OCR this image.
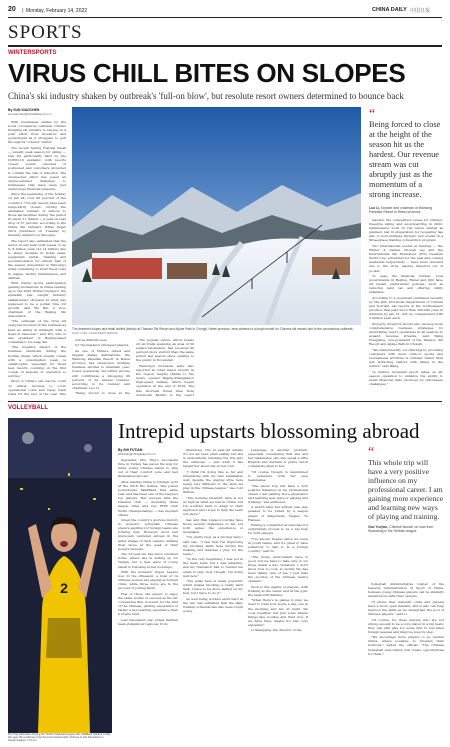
20 | Monday, February 14, 2022	CHINA DAILY 中国日报
SPORTS
WINTERSPORTS
VIRUS CHILL BITES ON SLOPES
China's ski industry shaken by outbreak's 'full-on blow', but resolute resort owners determined to bounce back
By SUN XIAOCHEN
sunxiaochen@chinadaily.com.cn

With businesses stalled by the novel coronavirus outbreak, China's fledgling ski industry is relying on a joint effort from investors and government as it struggles to pull through its "coldest" winter.

The recent Spring Festival break — usually peak season for skiing — was hit particularly hard by the COVID-19 epidemic, with resorts closed, events canceled or postponed and customers grounded to contain the risk of infection. The unexpected effect has posed an unprecedented challenge to businesses that have been just under huge financial pressure.

Since the beginning of the holiday on Jan 24, over 90 percent of the country's 770-odd resorts have been temporarily closed, cutting the estimated number of visitors to those ski facilities during the period by about 11 million — a year-on-year drop of 57 percent, according to the China Ski Industry White Paper 2019 published on Tuesday by industry analyst Lyu Xiaoqing.

The report also estimated that the sector would bear total losses of up to 8 billion yuan ($1.14 billion) due to sharp declines in ticket sales, equipment rental, training and accommodation for almost half of the season (December to February) while continuing to incur fixed costs in wages, facility maintenance and utilities.

With winter sports participation gaining momentum in China leading up to the 2022 Winter Olympics, the epidemic has caught industry stakeholders off-guard at what was supposed to be a golden time for growth, said Wu Bin, a vice-chairman of the Beijing Ski Association.

"The outbreak of the virus hit everyone involved in the business as hard as skiing at midnight with a head-on takeover," said Wu, who is also president of Beijing-based consultancy Ice-Leap Ski.

"The negative impact of the business shutdown during the holiday break, which usually comes with a consumption peak, is catastrophic, especially for those new resorts counting on the first couple of seasons of operation to survive."

Most of China's ski resorts count on winter revenue to cover operational costs and repay bank loans for the rest of the year. This

will be difficult even

for the market's strongest players.

As one of China's oldest and biggest skiing destinations, the Wanlong Paradise Resort in Hebei province has developed multiple business entities to maintain year-round operations. Yet winter income still contributes a whopping 90 percent of its annual revenue, according to its founder and chairman, Luo Li.

"Being forced to close at the

The popular venue, which boasts 22 ski trails spanning an area of 30 square kilometers, had received 40 percent more visitors than the same period last season since opening to the public in November.

Wanlong's increases were also reported at other major resorts in the region, largely thanks to the newly opened Beijing-Zhangjiakou high-speed railway, which began operation at the end of 2019. The line shortens travel time from downtown Beijing to the resort

The deserted slopes and retail outlets (below) at Thaiwoo Ski Resort and Alpine Park in Chongli, Hebei province, bear witness to a tough month for Chinese ski resorts due to the coronavirus outbreak. ZHAO YUAN / CHINA NEWS SERVICE
“
Being forced to close at the height of the season hit us the hardest. Our revenue stream was cut abruptly just as the momentum of a strong increase.
Luo Li, founder and chairman of Wanlong Paradise Resort in Hebei province

Garden, the competition venue for Olympic freestyle skiing and snowboarding in 2022, maintenance work on the venue started as planned, just in preparation for reopening has also to host multiple Olympic test events in a three-phase training-competition program.

Two international events at Genting — the Winter X Games Chongli leg and the International Ski Federation (FIS) freestyle World Cup, scheduled for the past and coming weekends respectively — have been canceled due to the virus, leaving investors out of pocket.

To ease the financial burden, local governments in Beijing, Hebei and Jilin have all issued preferential policies, such as reducing land tax and offering utility subsidies.

According to a document published recently by the Jilin Provincial Department of Culture and Tourism, ski resorts in the northeastern province that paid more than 500,000 yuan in interests by Jan 31, will be compensated with 2 million yuan each.

Property investors should also develop more comprehensive business strategies by diversifying resort operations in all seasons to expand revenue streams, said Wang Hongjiang, vice-president of the Thaiwoo Ski Resort and Alpine Park in Chongli.

"We shall diversify our offerings by providing customers with more outdoor sports and recreational activities in summer rather than just attracting visitors with skiing in the winter," said Wang.

"A mature mountain resort relies on all-season operation to enhance the ability to resist financial risks produced by unforeseen challenges."

VOLLEYBALL
2
Zhu Ting celebrates winning the Turkish Volleyball League with VakifBank Istanbul in May last year. Zhu continues to be the most inspired other Chinese to test themselves in foreign leagues. XINHUA
Intrepid upstarts blossoming abroad
By SHI FUTIAN
shifutian@chinadaily.com.cn

Superstar Zhu Ting's successful time in Turkey has paved the way for many young Chinese talent to step out of their comfort zone and test themselves abroad.

After leading China to Olympic gold at the 2016 Rio Games, Zhu joined powerhouse VakifBank that same year and has been one of the league's top players. Her success with the Istanbul club — including three league titles and two FIVB Club World Championships — has inspired others.

Given the country's glorious history in women's volleyball, Chinese players aspiring for foreign teams are nothing new. However, most had previously ventured abroad in the latter stages of their careers, making their move at the peak of their powers unusual.

The 23-year-old has since returned home, where she is setting up for Tianjin, but a new wave of young talent is following in her footsteps.

With the domestic Super League now in the offseason, a total of 14 Chinese women are playing at foreign clubs, while three more are in the process of joining them.

Few of those can expect to enjoy the same profile or success as the all-conquering Zhu, however for the first of the Chinese, gaining experience is rather a key learning experience than a trophy hunt.

Last December, Gao joined Serbian team Zeljeznicar Lajkovac from

Shandong. The 21-year-old admits it's not all been plain sailing but she is undoubtedly relishing the trip into the unknown — and what it has taught her about life on her own.

"I think I'm doing fine so far and integrating with my new teammates well, despite the playing style here being very different to the style we play in the Chinese league," Gao told Xinhua.

"The training intensity here is not as high as what we had in China, but I'm working hard to adapt to their approach and I hope to help the team win more."

Gao and Wan Ligiao's tourists have faced several challenges so far, but both agree the experience is invaluable.

"I'm pretty busy as a blocker here," said Gao. "I feel that I'm improving my blocking skills here during the training and matches I play for the team."

"In the very beginning, I was not in the main team but I was adapting, and my translator had to remind me when to play, how, though. I'm doing well now."

"The spike here is really powerful, which makes blocking a really hard task. I have to be more skilled on my feet, but I have to do it."

As well being worked extra hard at the net, Gao admitted that the daily training schedule has also been tough going.

Language is another problem, especially considering that she and her teammates can only speak a little English and Serbian is pretty much completely alien to her.

"Of course, though, is determined to persevere with her new teammates.

"The whole trip will have a very positive influence on my professional career. I am gaining more experience and learning new ways of playing and training," she enthused.

A month after her arrival, Gao was pleased to be joined by a league player of Zeljeznicar, Yuejiao, Yu Hanwei.

Having a compatriot around has not surprisingly proved to be a big help for both players.

"I've known Yuejiao since we were in youth teams, and it's great to have somebody to talk to in a foreign country," said Yu.

"The living environment here is good, but we have to take care of our three meals a day ourselves. I don't know how to cook, so luckily Wu has been taking care of me. I just miss the noodles of the Chinese team's canteen."

Such is the quality of players, with training at the center and at the gym, the team still training.

"When there's no games to play, we need to train four hours a day, one in the morning and two at night. We cook together, but just some simple things like noodles and fried rice. If we have time, maybe it's also very enjoyable".

Li Xiangqing, the director of the

“
This whole trip will have a very positive influence on my professional career. I am gaining more experience and learning new ways of playing and training.
Gao Yuejiao, Chinese blocker on loan from Shandong in the Serbian league

Volleyball Administrative Center of the General Administration of Sport of China, believes young Chinese players can be similarly adventurous with their careers.

"It shows that domestic clubs and players have a more open mindset, and it also can help improve the skills as we strengthen the pool of Chinese players," said Li.

"Of course, for those players who are not strong enough to be a core player in a big team, they can still play for some mid to low-rated foreign leagues and improve step by step.

"We encourage more players to go outside China, where possible, to broaden their horizons," added the official. "The Chinese Volleyball Association will create opportunities for them."
